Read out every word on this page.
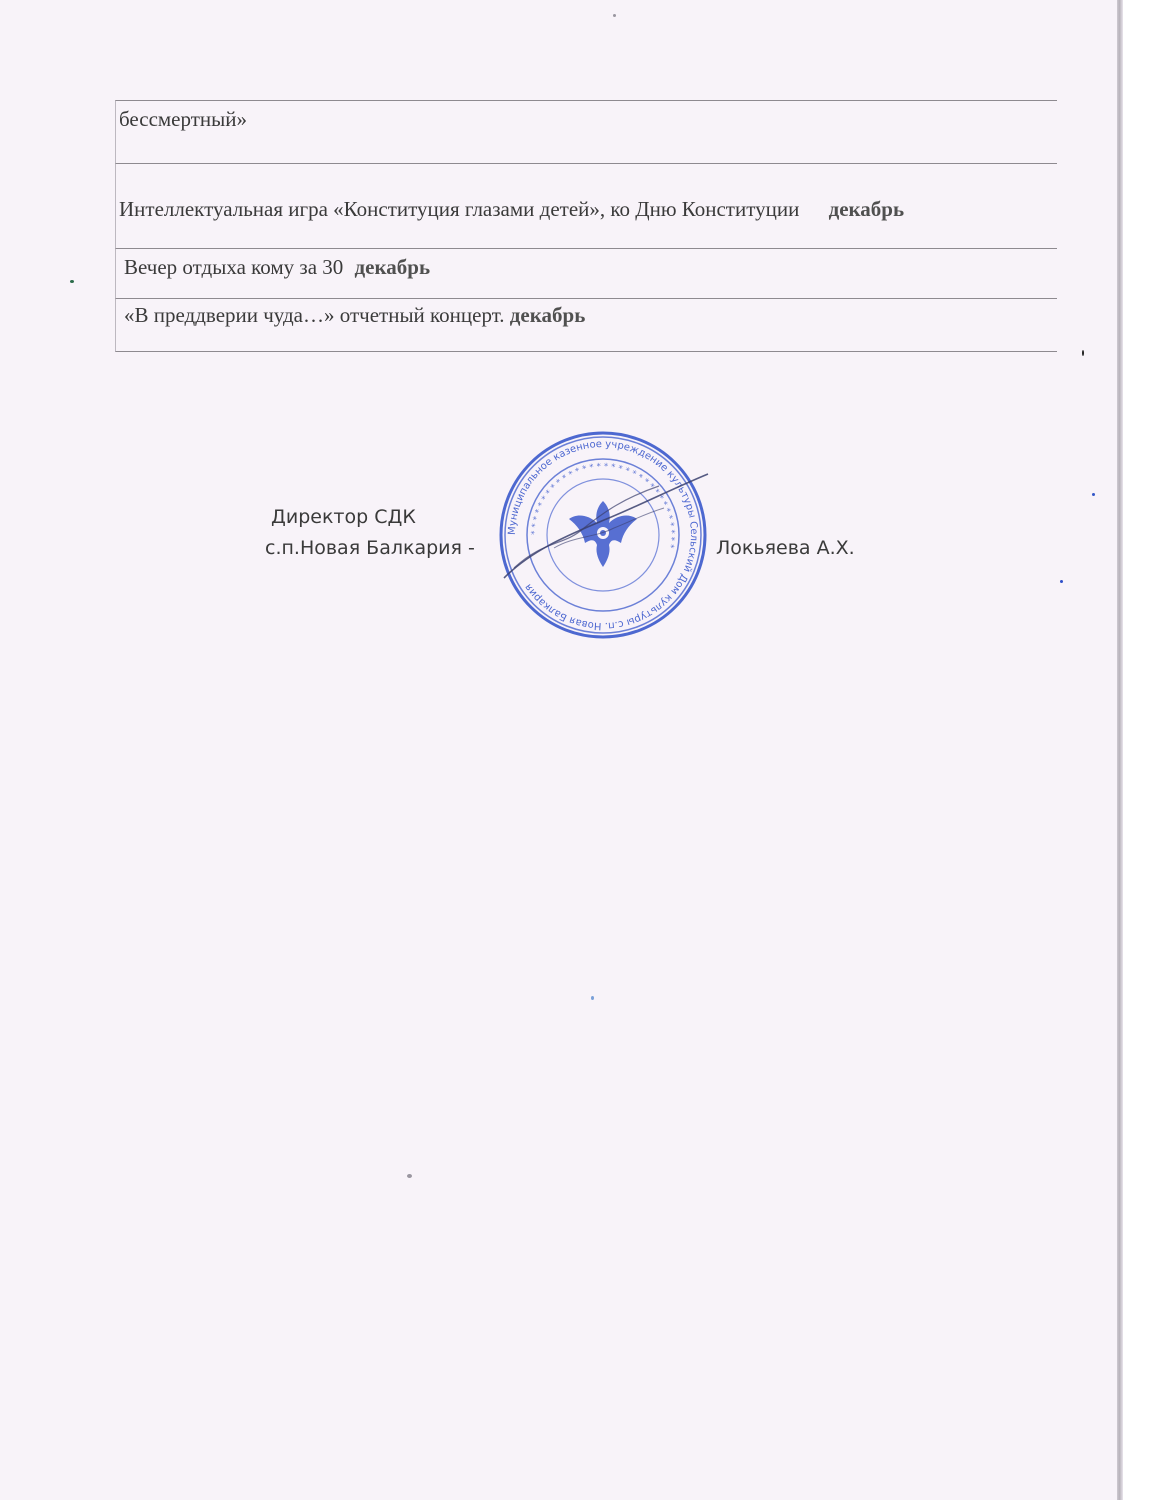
бессмертный»
Интеллектуальная игра «Конституция глазами детей», ко Дню Конституции декабрь
Вечер отдыха кому за 30 декабрь
«В преддверии чуда…» отчетный концерт. декабрь
Директор СДК
с.п.Новая Балкария -	Локьяева А.Х.
Муниципальное казенное учреждение культуры Сельский Дом культуры с.п. Новая Балкария
* * * * * * * * * * * * * * * * * * * * * * * * * * * * * * * *
